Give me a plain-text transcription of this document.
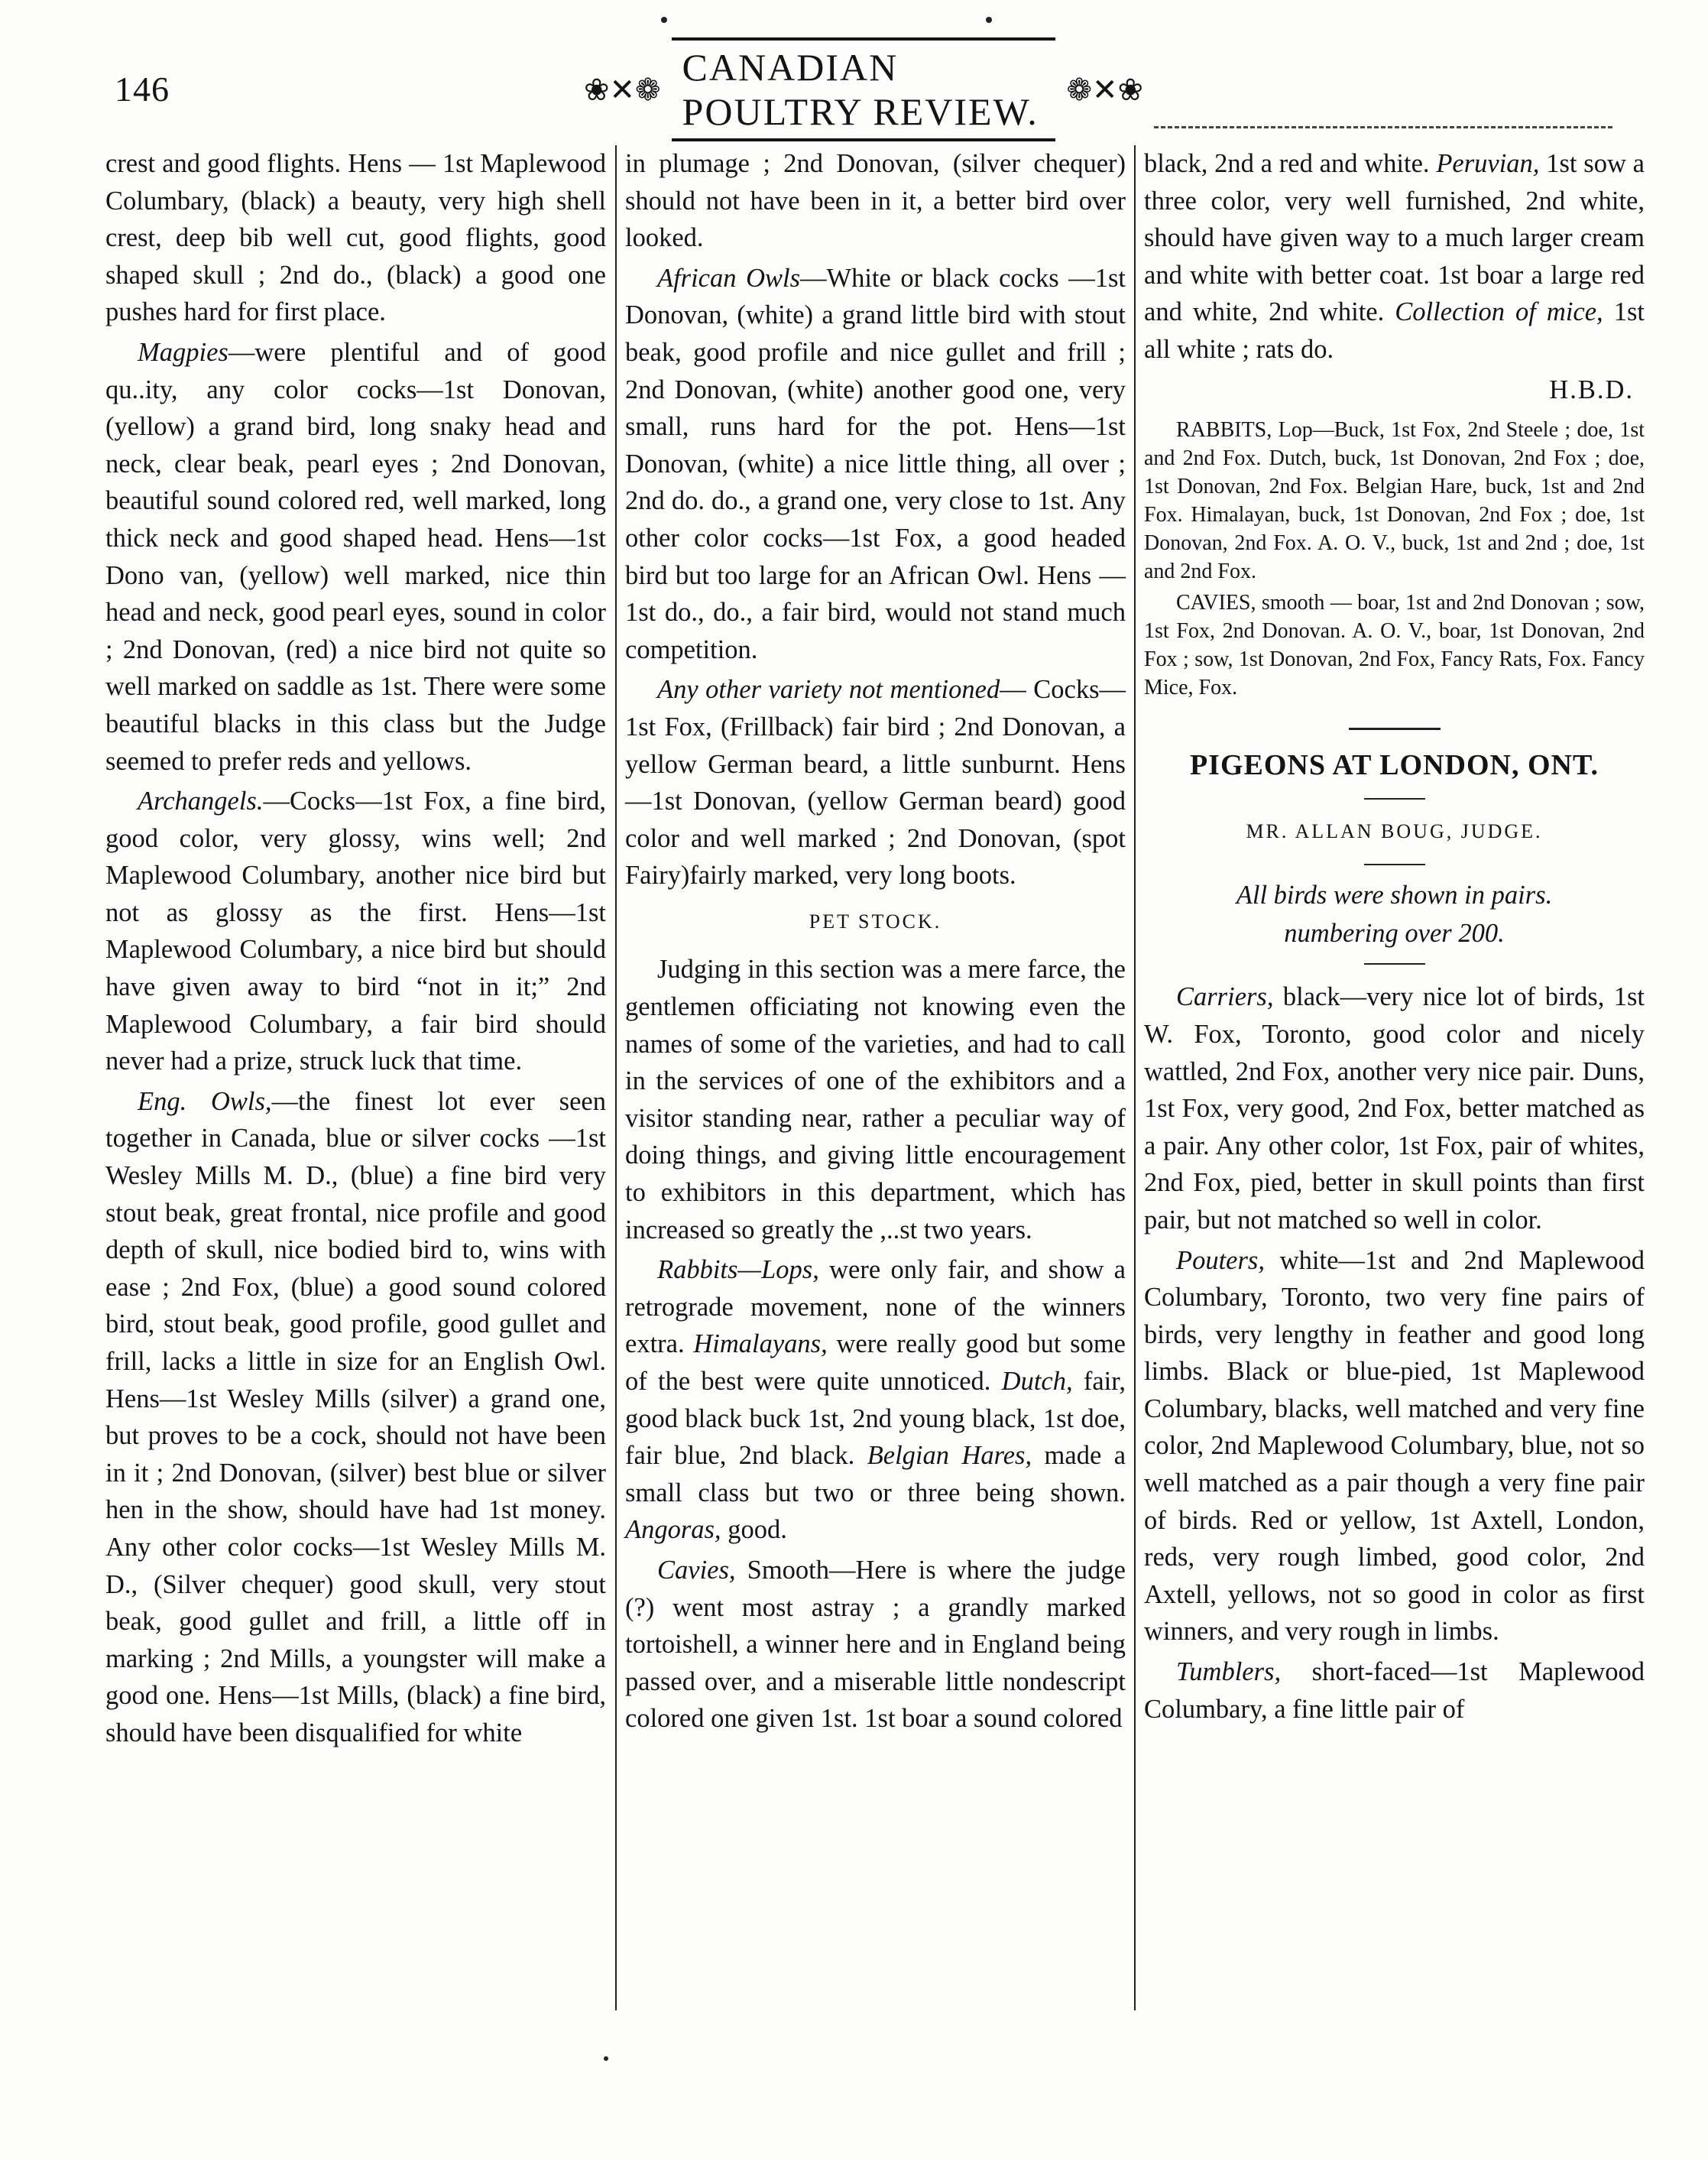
146	❀✕❁
CANADIAN POULTRY REVIEW.
❁✕❀

crest and good flights. Hens — 1st Maplewood Columbary, (black) a beauty, very high shell crest, deep bib well cut, good flights, good shaped skull ; 2nd do., (black) a good one pushes hard for first place.

Magpies—were plentiful and of good qu..ity, any color cocks—1st Donovan, (yellow) a grand bird, long snaky head and neck, clear beak, pearl eyes ; 2nd Donovan, beautiful sound colored red, well marked, long thick neck and good shaped head. Hens—1st Dono van, (yellow) well marked, nice thin head and neck, good pearl eyes, sound in color ; 2nd Donovan, (red) a nice bird not quite so well marked on saddle as 1st. There were some beautiful blacks in this class but the Judge seemed to prefer reds and yellows.

Archangels.—Cocks—1st Fox, a fine bird, good color, very glossy, wins well; 2nd Maplewood Columbary, another nice bird but not as glossy as the first. Hens—1st Maplewood Columbary, a nice bird but should have given away to bird “not in it;” 2nd Maplewood Columbary, a fair bird should never had a prize, struck luck that time.

Eng. Owls,—the finest lot ever seen together in Canada, blue or silver cocks —1st Wesley Mills M. D., (blue) a fine bird very stout beak, great frontal, nice profile and good depth of skull, nice bodied bird to, wins with ease ; 2nd Fox, (blue) a good sound colored bird, stout beak, good profile, good gullet and frill, lacks a little in size for an English Owl. Hens—1st Wesley Mills (silver) a grand one, but proves to be a cock, should not have been in it ; 2nd Donovan, (silver) best blue or silver hen in the show, should have had 1st money. Any other color cocks—1st Wesley Mills M. D., (Silver chequer) good skull, very stout beak, good gullet and frill, a little off in marking ; 2nd Mills, a youngster will make a good one. Hens—1st Mills, (black) a fine bird, should have been disqualified for white

in plumage ; 2nd Donovan, (silver chequer) should not have been in it, a better bird over looked.

African Owls—White or black cocks —1st Donovan, (white) a grand little bird with stout beak, good profile and nice gullet and frill ; 2nd Donovan, (white) another good one, very small, runs hard for the pot. Hens—1st Donovan, (white) a nice little thing, all over ; 2nd do. do., a grand one, very close to 1st. Any other color cocks—1st Fox, a good headed bird but too large for an African Owl. Hens — 1st do., do., a fair bird, would not stand much competition.

Any other variety not mentioned— Cocks—1st Fox, (Frillback) fair bird ; 2nd Donovan, a yellow German beard, a little sunburnt. Hens—1st Donovan, (yellow German beard) good color and well marked ; 2nd Donovan, (spot Fairy)fairly marked, very long boots.

PET STOCK.

Judging in this section was a mere farce, the gentlemen officiating not knowing even the names of some of the varieties, and had to call in the services of one of the exhibitors and a visitor standing near, rather a peculiar way of doing things, and giving little encouragement to exhibitors in this department, which has increased so greatly the ,..st two years.

Rabbits—Lops, were only fair, and show a retrograde movement, none of the winners extra. Himalayans, were really good but some of the best were quite unnoticed. Dutch, fair, good black buck 1st, 2nd young black, 1st doe, fair blue, 2nd black. Belgian Hares, made a small class but two or three being shown. Angoras, good.

Cavies, Smooth—Here is where the judge (?) went most astray ; a grandly marked tortoishell, a winner here and in England being passed over, and a miserable little nondescript colored one given 1st. 1st boar a sound colored

black, 2nd a red and white. Peruvian, 1st sow a three color, very well furnished, 2nd white, should have given way to a much larger cream and white with better coat. 1st boar a large red and white, 2nd white. Collection of mice, 1st all white ; rats do.

H.B.D.

RABBITS, Lop—Buck, 1st Fox, 2nd Steele ; doe, 1st and 2nd Fox. Dutch, buck, 1st Donovan, 2nd Fox ; doe, 1st Donovan, 2nd Fox. Belgian Hare, buck, 1st and 2nd Fox. Himalayan, buck, 1st Donovan, 2nd Fox ; doe, 1st Donovan, 2nd Fox. A. O. V., buck, 1st and 2nd ; doe, 1st and 2nd Fox.

CAVIES, smooth — boar, 1st and 2nd Donovan ; sow, 1st Fox, 2nd Donovan. A. O. V., boar, 1st Donovan, 2nd Fox ; sow, 1st Donovan, 2nd Fox, Fancy Rats, Fox. Fancy Mice, Fox.

PIGEONS AT LONDON, ONT.
MR. ALLAN BOUG, JUDGE.
All birds were shown in pairs.
numbering over 200.

Carriers, black—very nice lot of birds, 1st W. Fox, Toronto, good color and nicely wattled, 2nd Fox, another very nice pair. Duns, 1st Fox, very good, 2nd Fox, better matched as a pair. Any other color, 1st Fox, pair of whites, 2nd Fox, pied, better in skull points than first pair, but not matched so well in color.

Pouters, white—1st and 2nd Maplewood Columbary, Toronto, two very fine pairs of birds, very lengthy in feather and good long limbs. Black or blue-pied, 1st Maplewood Columbary, blacks, well matched and very fine color, 2nd Maplewood Columbary, blue, not so well matched as a pair though a very fine pair of birds. Red or yellow, 1st Axtell, London, reds, very rough limbed, good color, 2nd Axtell, yellows, not so good in color as first winners, and very rough in limbs.

Tumblers, short-faced—1st Maplewood Columbary, a fine little pair of
